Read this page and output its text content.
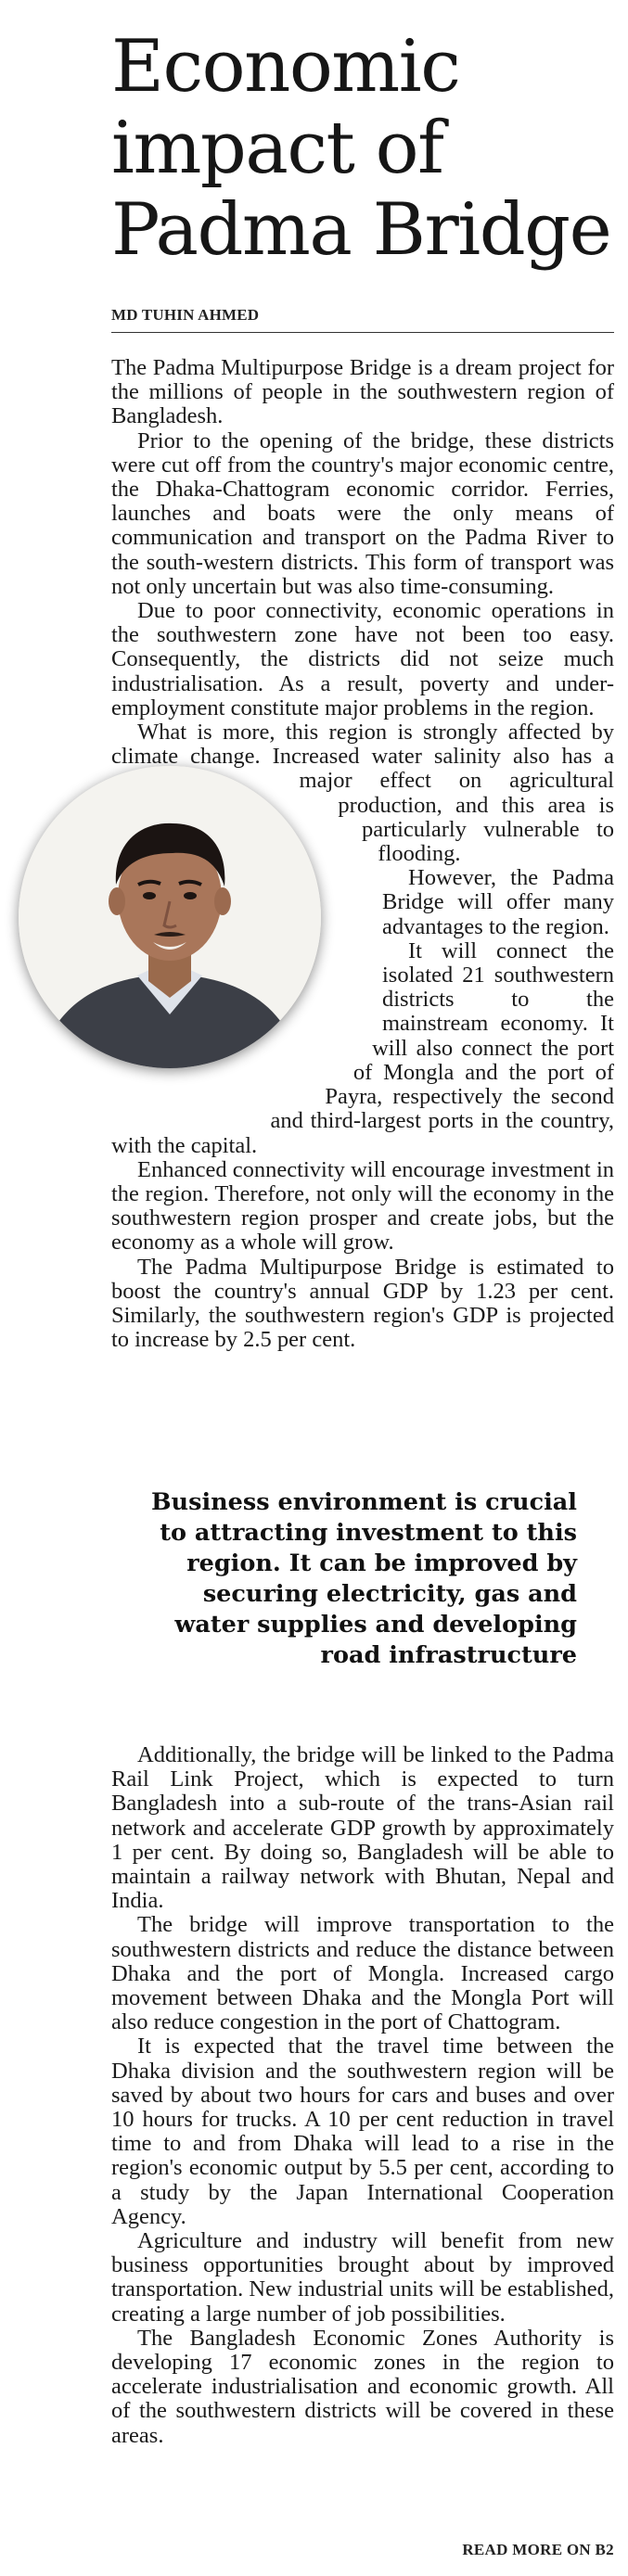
Economic
impact of
Padma Bridge

MD TUHIN AHMED

The Padma Multipurpose Bridge is a dream project for the millions of people in the southwestern region of Bangladesh.

Prior to the opening of the bridge, these districts were cut off from the country's major economic centre, the Dhaka-Chattogram economic corridor. Ferries, launches and boats were the only means of communication and transport on the Padma River to the south-western districts. This form of transport was not only uncertain but was also time-consuming.

Due to poor connectivity, economic operations in the southwestern zone have not been too easy. Consequently, the districts did not seize much industrialisation. As a result, poverty and under-employment constitute major problems in the region.

What is more, this region is strongly affected by climate change. Increased water salinity also has a major effect on agricultural production, and this area is particularly vulnerable to flooding.

However, the Padma Bridge will offer many advantages to the region.

It will connect the isolated 21 southwestern districts to the mainstream economy. It will also connect the port of Mongla and the port of Payra, respectively the second and third-largest ports in the country, with the capital.

Enhanced connectivity will encourage investment in the region. Therefore, not only will the economy in the southwestern region prosper and create jobs, but the economy as a whole will grow.

The Padma Multipurpose Bridge is estimated to boost the country's annual GDP by 1.23 per cent. Similarly, the southwestern region's GDP is projected to increase by 2.5 per cent.

Business environment is crucial to attracting investment to this region. It can be improved by securing electricity, gas and water supplies and developing road infrastructure

Additionally, the bridge will be linked to the Padma Rail Link Project, which is expected to turn Bangladesh into a sub-route of the trans-Asian rail network and accelerate GDP growth by approximately 1 per cent. By doing so, Bangladesh will be able to maintain a railway network with Bhutan, Nepal and India.

The bridge will improve transportation to the southwestern districts and reduce the distance between Dhaka and the port of Mongla. Increased cargo movement between Dhaka and the Mongla Port will also reduce congestion in the port of Chattogram.

It is expected that the travel time between the Dhaka division and the southwestern region will be saved by about two hours for cars and buses and over 10 hours for trucks. A 10 per cent reduction in travel time to and from Dhaka will lead to a rise in the region's economic output by 5.5 per cent, according to a study by the Japan International Cooperation Agency.

Agriculture and industry will benefit from new business opportunities brought about by improved transportation. New industrial units will be established, creating a large number of job possibilities.

The Bangladesh Economic Zones Authority is developing 17 economic zones in the region to accelerate industrialisation and economic growth. All of the southwestern districts will be covered in these areas.

READ MORE ON B2
